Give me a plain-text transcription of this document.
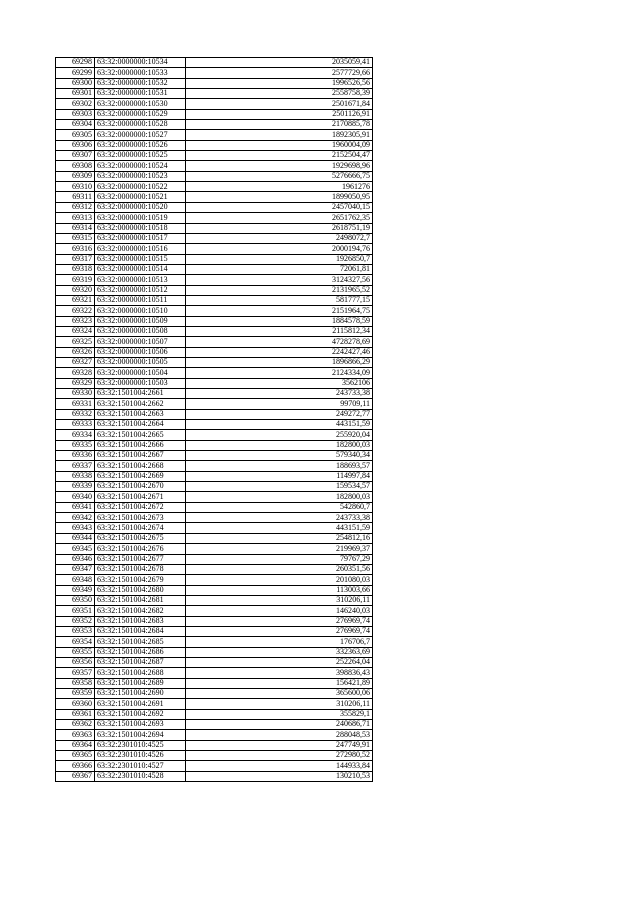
69298	63:32:0000000:10534	2035059,41
69299	63:32:0000000:10533	2577729,66
69300	63:32:0000000:10532	1996526,56
69301	63:32:0000000:10531	2558758,39
69302	63:32:0000000:10530	2501671,84
69303	63:32:0000000:10529	2501126,91
69304	63:32:0000000:10528	2170885,78
69305	63:32:0000000:10527	1892305,91
69306	63:32:0000000:10526	1960004,09
69307	63:32:0000000:10525	2152504,47
69308	63:32:0000000:10524	1929698,96
69309	63:32:0000000:10523	5276666,75
69310	63:32:0000000:10522	1961276
69311	63:32:0000000:10521	1899050,95
69312	63:32:0000000:10520	2457040,15
69313	63:32:0000000:10519	2651762,35
69314	63:32:0000000:10518	2618751,19
69315	63:32:0000000:10517	2498072,7
69316	63:32:0000000:10516	2000194,76
69317	63:32:0000000:10515	1926850,7
69318	63:32:0000000:10514	72061,81
69319	63:32:0000000:10513	3124327,56
69320	63:32:0000000:10512	2131965,52
69321	63:32:0000000:10511	581777,15
69322	63:32:0000000:10510	2151964,75
69323	63:32:0000000:10509	1884578,59
69324	63:32:0000000:10508	2115812,34
69325	63:32:0000000:10507	4728278,69
69326	63:32:0000000:10506	2242427,46
69327	63:32:0000000:10505	1896866,29
69328	63:32:0000000:10504	2124334,09
69329	63:32:0000000:10503	3562106
69330	63:32:1501004:2661	243733,38
69331	63:32:1501004:2662	99709,11
69332	63:32:1501004:2663	249272,77
69333	63:32:1501004:2664	443151,59
69334	63:32:1501004:2665	255920,04
69335	63:32:1501004:2666	182800,03
69336	63:32:1501004:2667	579340,34
69337	63:32:1501004:2668	188693,57
69338	63:32:1501004:2669	114997,84
69339	63:32:1501004:2670	159534,57
69340	63:32:1501004:2671	182800,03
69341	63:32:1501004:2672	542860,7
69342	63:32:1501004:2673	243733,38
69343	63:32:1501004:2674	443151,59
69344	63:32:1501004:2675	254812,16
69345	63:32:1501004:2676	219969,37
69346	63:32:1501004:2677	79767,29
69347	63:32:1501004:2678	260351,56
69348	63:32:1501004:2679	201080,03
69349	63:32:1501004:2680	113003,66
69350	63:32:1501004:2681	310206,11
69351	63:32:1501004:2682	146240,03
69352	63:32:1501004:2683	276969,74
69353	63:32:1501004:2684	276969,74
69354	63:32:1501004:2685	176706,7
69355	63:32:1501004:2686	332363,69
69356	63:32:1501004:2687	252264,04
69357	63:32:1501004:2688	398836,43
69358	63:32:1501004:2689	156421,89
69359	63:32:1501004:2690	365600,06
69360	63:32:1501004:2691	310206,11
69361	63:32:1501004:2692	355829,1
69362	63:32:1501004:2693	240686,71
69363	63:32:1501004:2694	288048,53
69364	63:32:2301010:4525	247749,91
69365	63:32:2301010:4526	272980,52
69366	63:32:2301010:4527	144933,84
69367	63:32:2301010:4528	130210,53
